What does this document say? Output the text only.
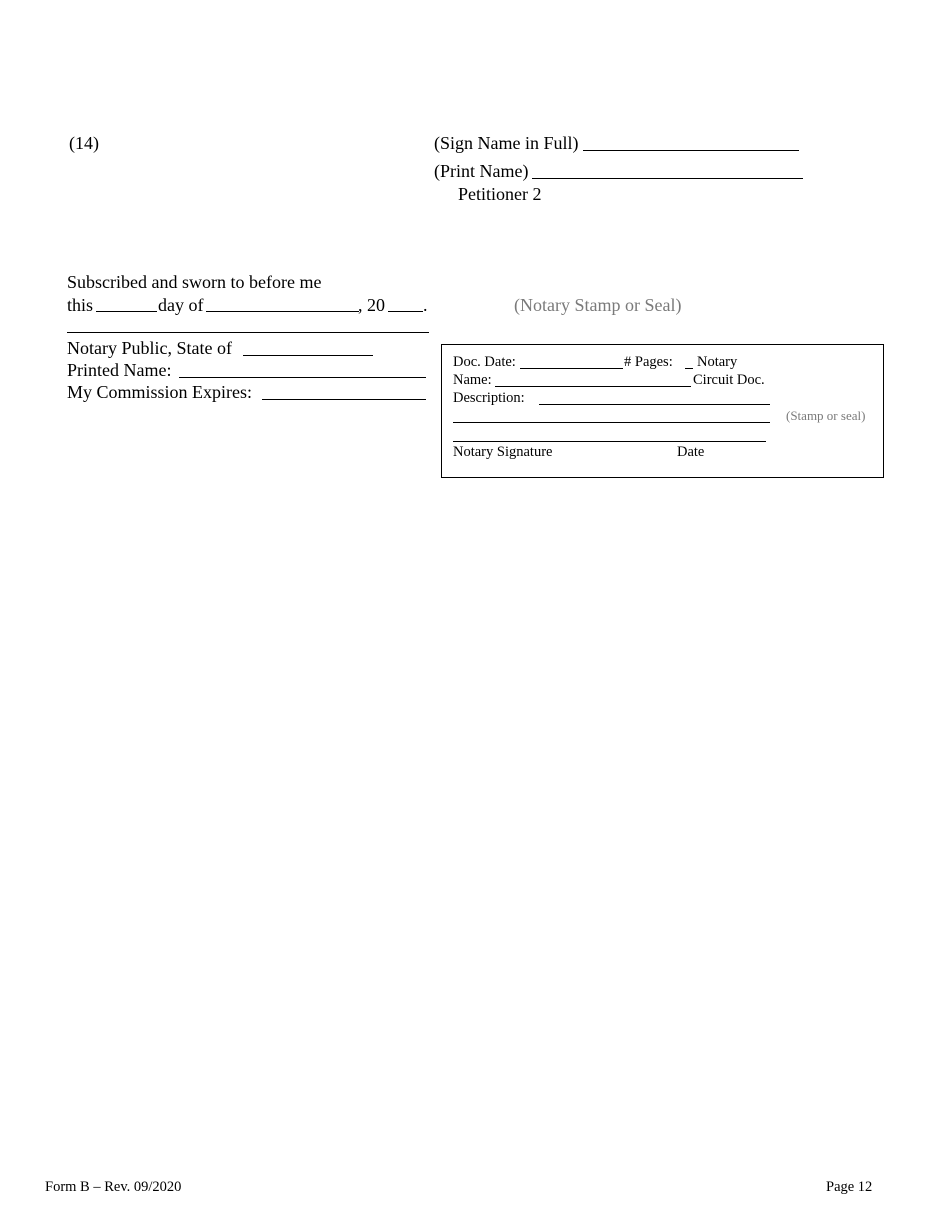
(14)	(Sign Name in Full)
(Print Name)
Petitioner 2
Subscribed and sworn to before me
this	day of	, 20 .	(Notary Stamp or Seal)
Notary Public, State of
Printed Name:
My Commission Expires:
Doc. Date:	# Pages: Notary
Name:	Circuit Doc.
Description:
(Stamp or seal)
Notary Signature	Date
Form B – Rev. 09/2020	Page 12
